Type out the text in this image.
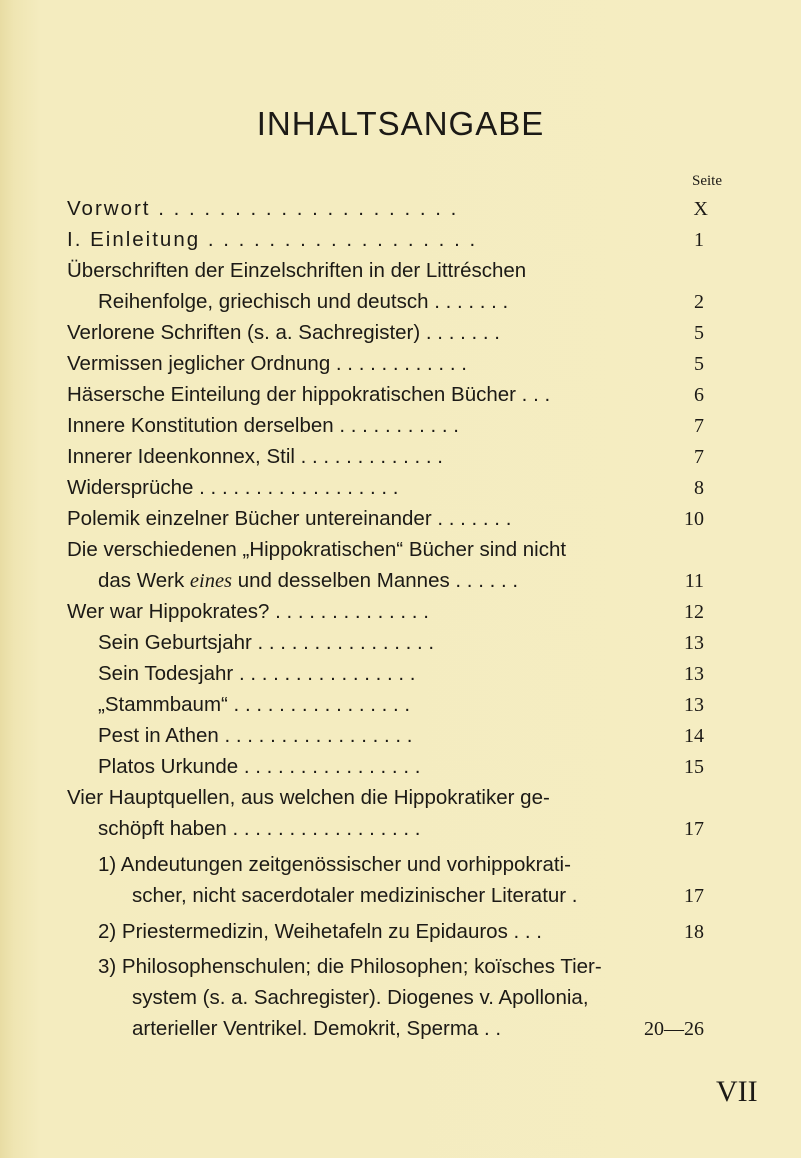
INHALTSANGABE
Seite
Vorwort . . . . . . . . . . . . . . . . . . . .	X
I. Einleitung . . . . . . . . . . . . . . . . . .	1
Überschriften der Einzelschriften in der Littréschen
Reihenfolge, griechisch und deutsch . . . . . . .	2
Verlorene Schriften (s. a. Sachregister) . . . . . . .	5
Vermissen jeglicher Ordnung . . . . . . . . . . . .	5
Häsersche Einteilung der hippokratischen Bücher . . .	6
Innere Konstitution derselben . . . . . . . . . . .	7
Innerer Ideenkonnex, Stil . . . . . . . . . . . . .	7
Widersprüche . . . . . . . . . . . . . . . . . .	8
Polemik einzelner Bücher untereinander . . . . . . .	10
Die verschiedenen „Hippokratischen“ Bücher sind nicht
das Werk eines und desselben Mannes . . . . . .	11
Wer war Hippokrates? . . . . . . . . . . . . . .	12
Sein Geburtsjahr . . . . . . . . . . . . . . . .	13
Sein Todesjahr . . . . . . . . . . . . . . . .	13
„Stammbaum“ . . . . . . . . . . . . . . . .	13
Pest in Athen . . . . . . . . . . . . . . . . .	14
Platos Urkunde . . . . . . . . . . . . . . . .	15
Vier Hauptquellen, aus welchen die Hippokratiker ge-
schöpft haben . . . . . . . . . . . . . . . . .	17
1) Andeutungen zeitgenössischer und vorhippokrati-
scher, nicht sacerdotaler medizinischer Literatur .	17
2) Priestermedizin, Weihetafeln zu Epidauros . . .	18
3) Philosophenschulen; die Philosophen; koïsches Tier-
system (s. a. Sachregister). Diogenes v. Apollonia,
arterieller Ventrikel. Demokrit, Sperma . .	20—26
VII
